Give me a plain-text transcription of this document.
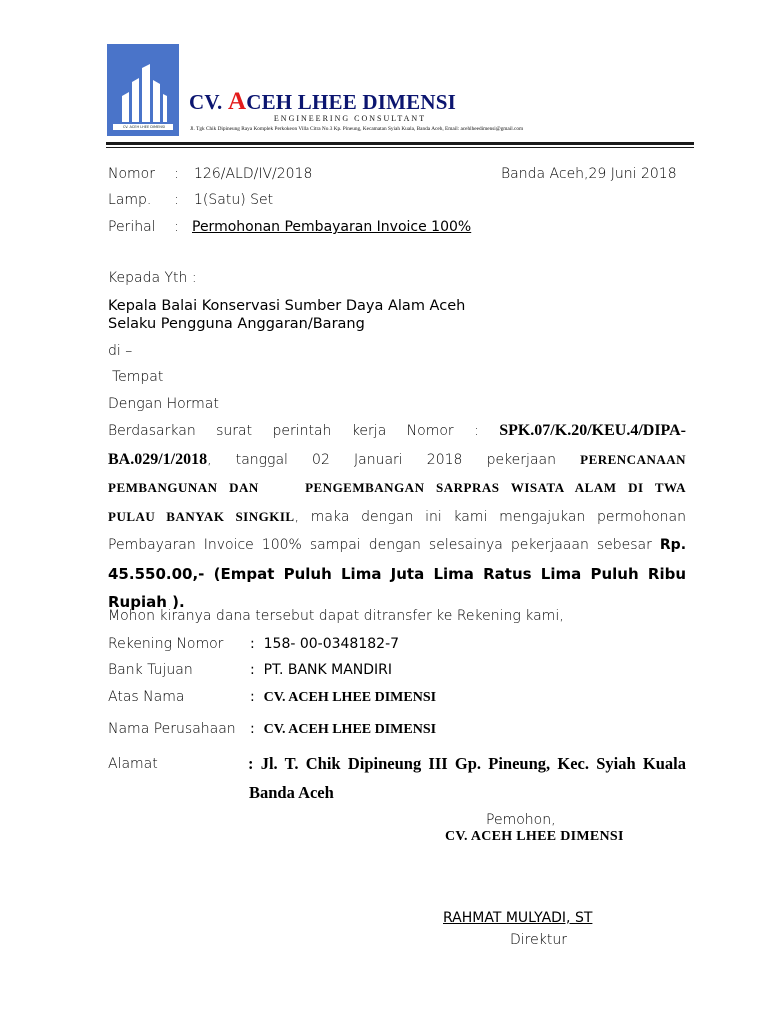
CV. ACEH LHEE DIMENSI
CV. ACEH LHEE DIMENSI
ENGINEERING CONSULTANT
Jl. Tgk Chik Dipineung Raya Komplek Perkokeon Villa Citra No.3 Kp. Pineung, Kecamatan Syiah Kuala, Banda Aceh, Email: acehlheedimensi@gmail.com
Nomor : 126/ALD/IV/2018	Banda Aceh,29 Juni 2018
Lamp. : 1(Satu) Set
Perihal : Permohonan Pembayaran Invoice 100%
Kepada Yth :
Kepala Balai Konservasi Sumber Daya Alam Aceh
Selaku Pengguna Anggaran/Barang
di –
Tempat
Dengan Hormat
Berdasarkan surat perintah kerja Nomor : SPK.07/K.20/KEU.4/DIPA-
BA.029/1/2018, tanggal 02 Januari 2018 pekerjaan PERENCANAAN
PEMBANGUNAN DAN    PENGEMBANGAN SARPRAS WISATA ALAM DI TWA
PULAU BANYAK SINGKIL, maka dengan ini kami mengajukan permohonan
Pembayaran Invoice 100% sampai dengan selesainya pekerjaaan sebesar Rp.
45.550.00,- (Empat Puluh Lima Juta Lima Ratus Lima Puluh Ribu
Rupiah ).
Mohon kiranya dana tersebut dapat ditransfer ke Rekening kami,
Rekening Nomor : 158- 00-0348182-7
Bank Tujuan	: PT. BANK MANDIRI
Atas Nama	: CV. ACEH LHEE DIMENSI
Nama Perusahaan : CV. ACEH LHEE DIMENSI
Alamat	: Jl. T. Chik Dipineung III Gp. Pineung, Kec. Syiah Kuala
Banda Aceh
Pemohon,
CV. ACEH LHEE DIMENSI
RAHMAT MULYADI, ST
Direktur
